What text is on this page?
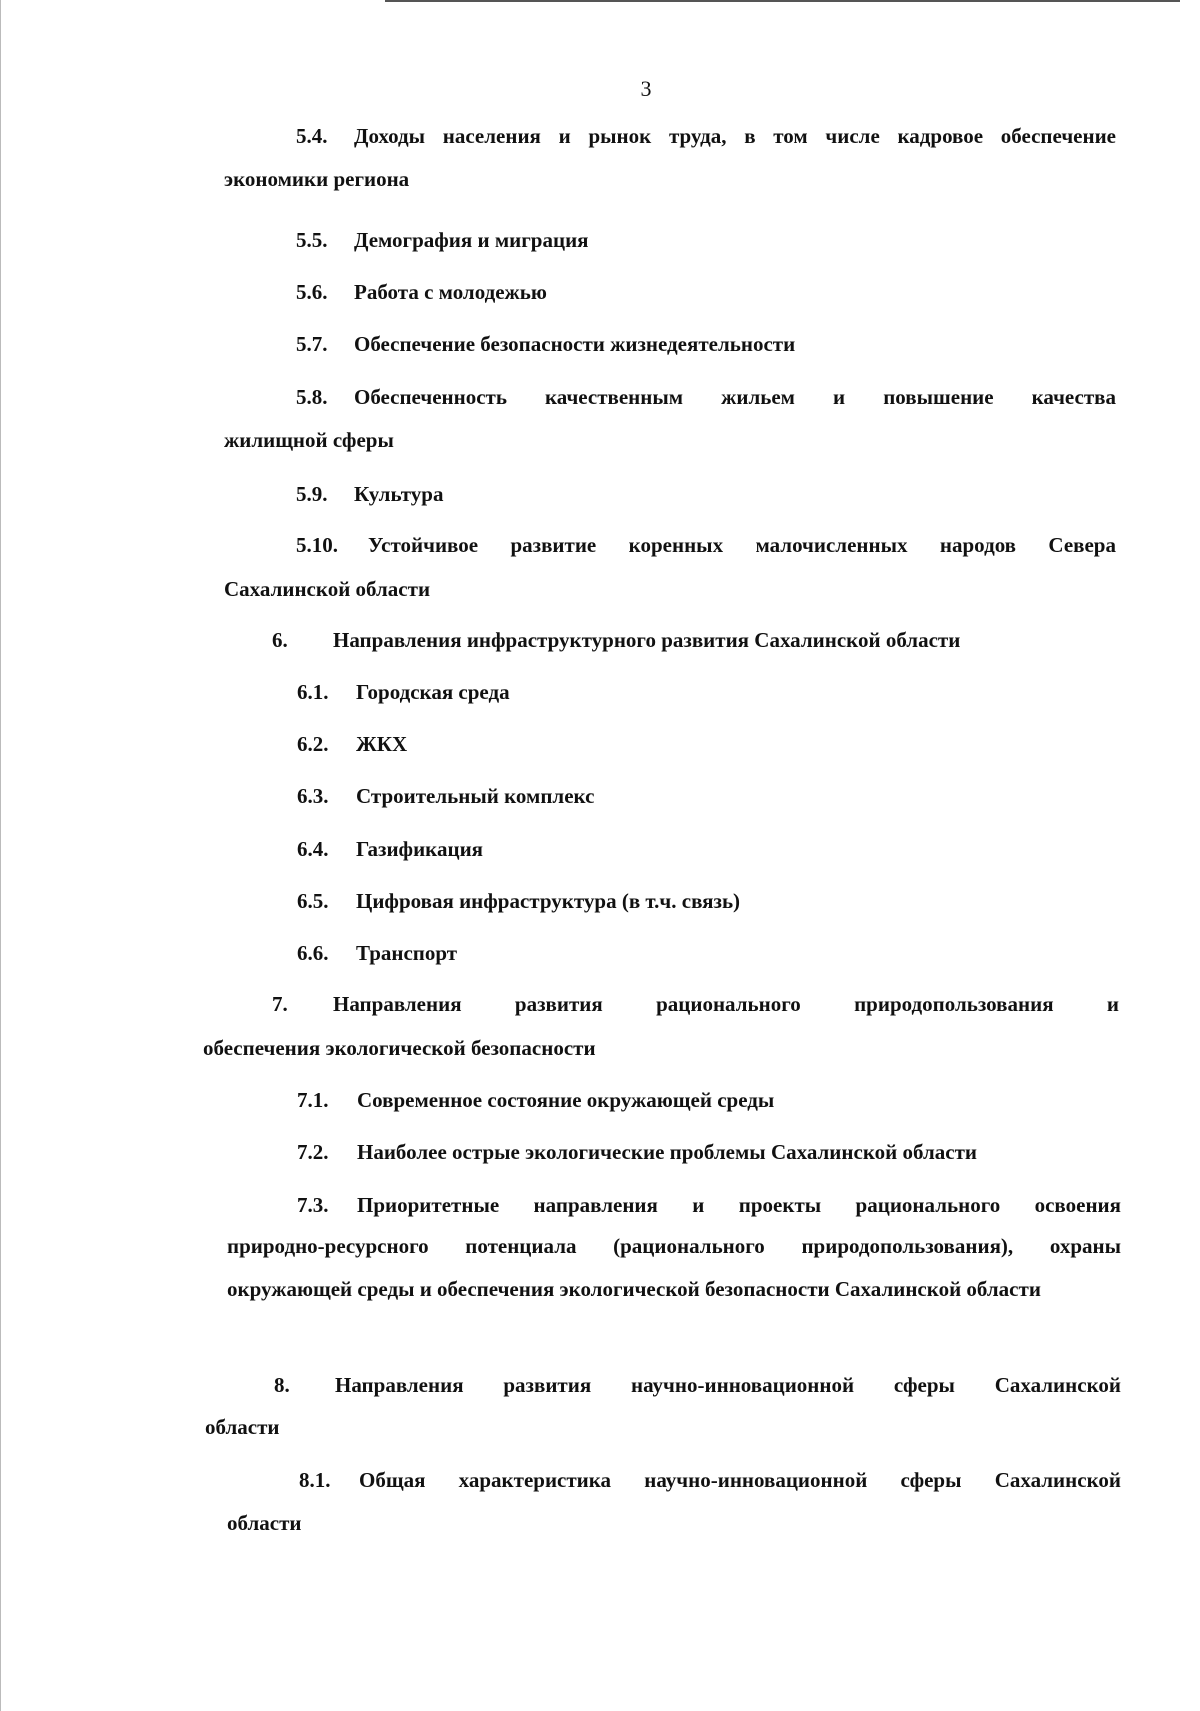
3
5.4. Доходы населения и рынок труда, в том числе кадровое обеспечение
экономики региона
5.5. Демография и миграция
5.6. Работа с молодежью
5.7. Обеспечение безопасности жизнедеятельности
5.8. Обеспеченность качественным жильем и повышение качества
жилищной сферы
5.9. Культура
5.10. Устойчивое развитие коренных малочисленных народов Севера
Сахалинской области
6. Направления инфраструктурного развития Сахалинской области
6.1. Городская среда
6.2. ЖКХ
6.3. Строительный комплекс
6.4. Газификация
6.5. Цифровая инфраструктура (в т.ч. связь)
6.6. Транспорт
7. Направления развития рационального природопользования и
обеспечения экологической безопасности
7.1. Современное состояние окружающей среды
7.2. Наиболее острые экологические проблемы Сахалинской области
7.3. Приоритетные направления и проекты рационального освоения
природно-ресурсного потенциала (рационального природопользования), охраны окружающей среды и обеспечения экологической безопасности Сахалинской области
8. Направления развития научно-инновационной сферы Сахалинской
области
8.1. Общая характеристика научно-инновационной сферы Сахалинской
области
